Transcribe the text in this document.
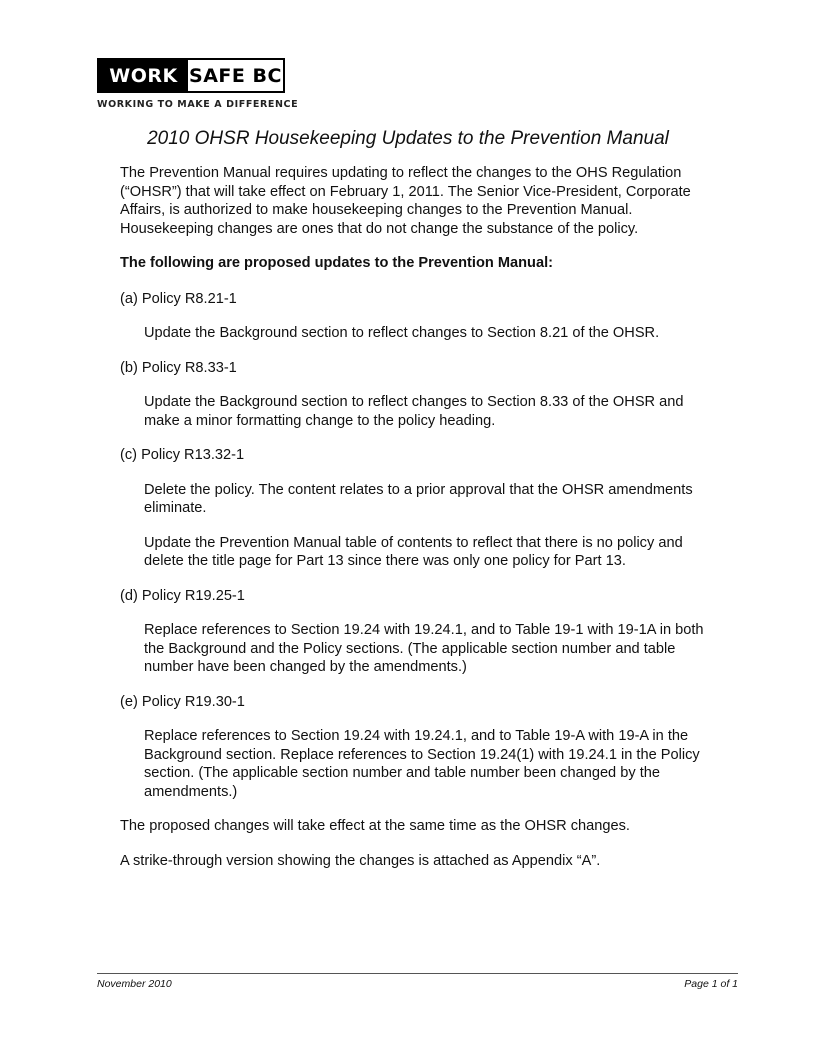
WORK SAFE BC
WORKING TO MAKE A DIFFERENCE
2010 OHSR Housekeeping Updates to the Prevention Manual

The Prevention Manual requires updating to reflect the changes to the OHS Regulation (“OHSR”) that will take effect on February 1, 2011. The Senior Vice-President, Corporate Affairs, is authorized to make housekeeping changes to the Prevention Manual. Housekeeping changes are ones that do not change the substance of the policy.

The following are proposed updates to the Prevention Manual:

(a) Policy R8.21-1

Update the Background section to reflect changes to Section 8.21 of the OHSR.

(b) Policy R8.33-1

Update the Background section to reflect changes to Section 8.33 of the OHSR and make a minor formatting change to the policy heading.

(c) Policy R13.32-1

Delete the policy. The content relates to a prior approval that the OHSR amendments eliminate.

Update the Prevention Manual table of contents to reflect that there is no policy and delete the title page for Part 13 since there was only one policy for Part 13.

(d) Policy R19.25-1

Replace references to Section 19.24 with 19.24.1, and to Table 19-1 with 19-1A in both the Background and the Policy sections. (The applicable section number and table number have been changed by the amendments.)

(e) Policy R19.30-1

Replace references to Section 19.24 with 19.24.1, and to Table 19-A with 19-A in the Background section. Replace references to Section 19.24(1) with 19.24.1 in the Policy section. (The applicable section number and table number been changed by the amendments.)

The proposed changes will take effect at the same time as the OHSR changes.

A strike-through version showing the changes is attached as Appendix “A”.

November 2010	Page 1 of 1
